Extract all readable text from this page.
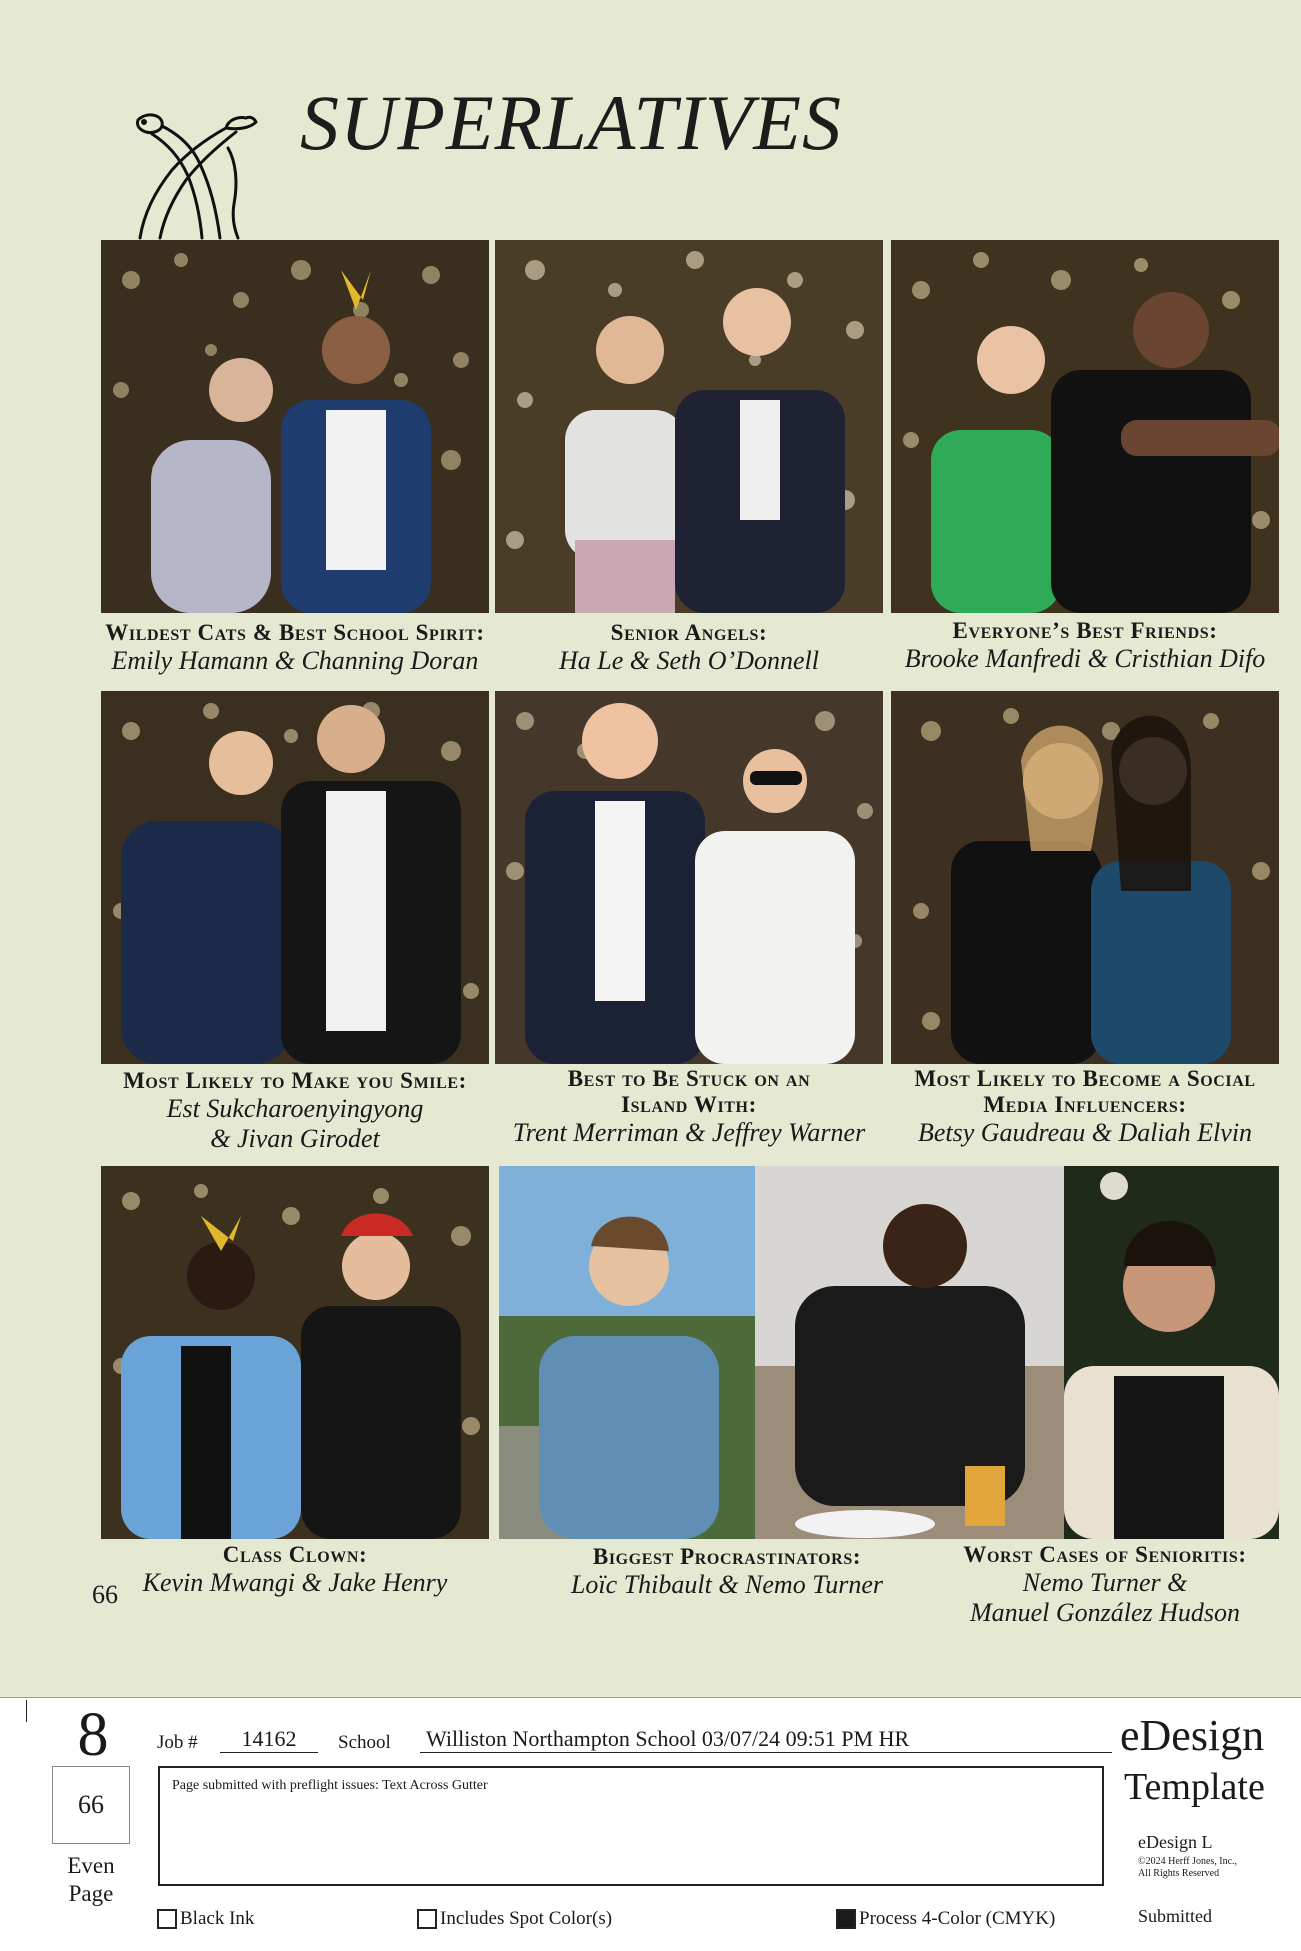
SUPERLATIVES
Wildest Cats & Best School Spirit:
Emily Hamann & Channing Doran
Senior Angels:
Ha Le & Seth O’Donnell
Everyone’s Best Friends:
Brooke Manfredi & Cristhian Difo
Most Likely to Make you Smile:
Est Sukcharoenyingyong
& Jivan Girodet
Best to Be Stuck on an
Island With:
Trent Merriman & Jeffrey Warner
Most Likely to Become a Social
Media Influencers:
Betsy Gaudreau & Daliah Elvin
Class Clown:
Kevin Mwangi & Jake Henry
Biggest Procrastinators:
Loïc Thibault & Nemo Turner
Worst Cases of Senioritis:
Nemo Turner &
Manuel González Hudson
66
8
66
Even
Page
Job #	14162	School Williston Northampton School 03/07/24 09:51 PM HR
Page submitted with preflight issues: Text Across Gutter
Black Ink	Includes Spot Color(s)	Process 4-Color (CMYK)
eDesign
Template
eDesign L
©2024 Herff Jones, Inc.,
All Rights Reserved
Submitted
